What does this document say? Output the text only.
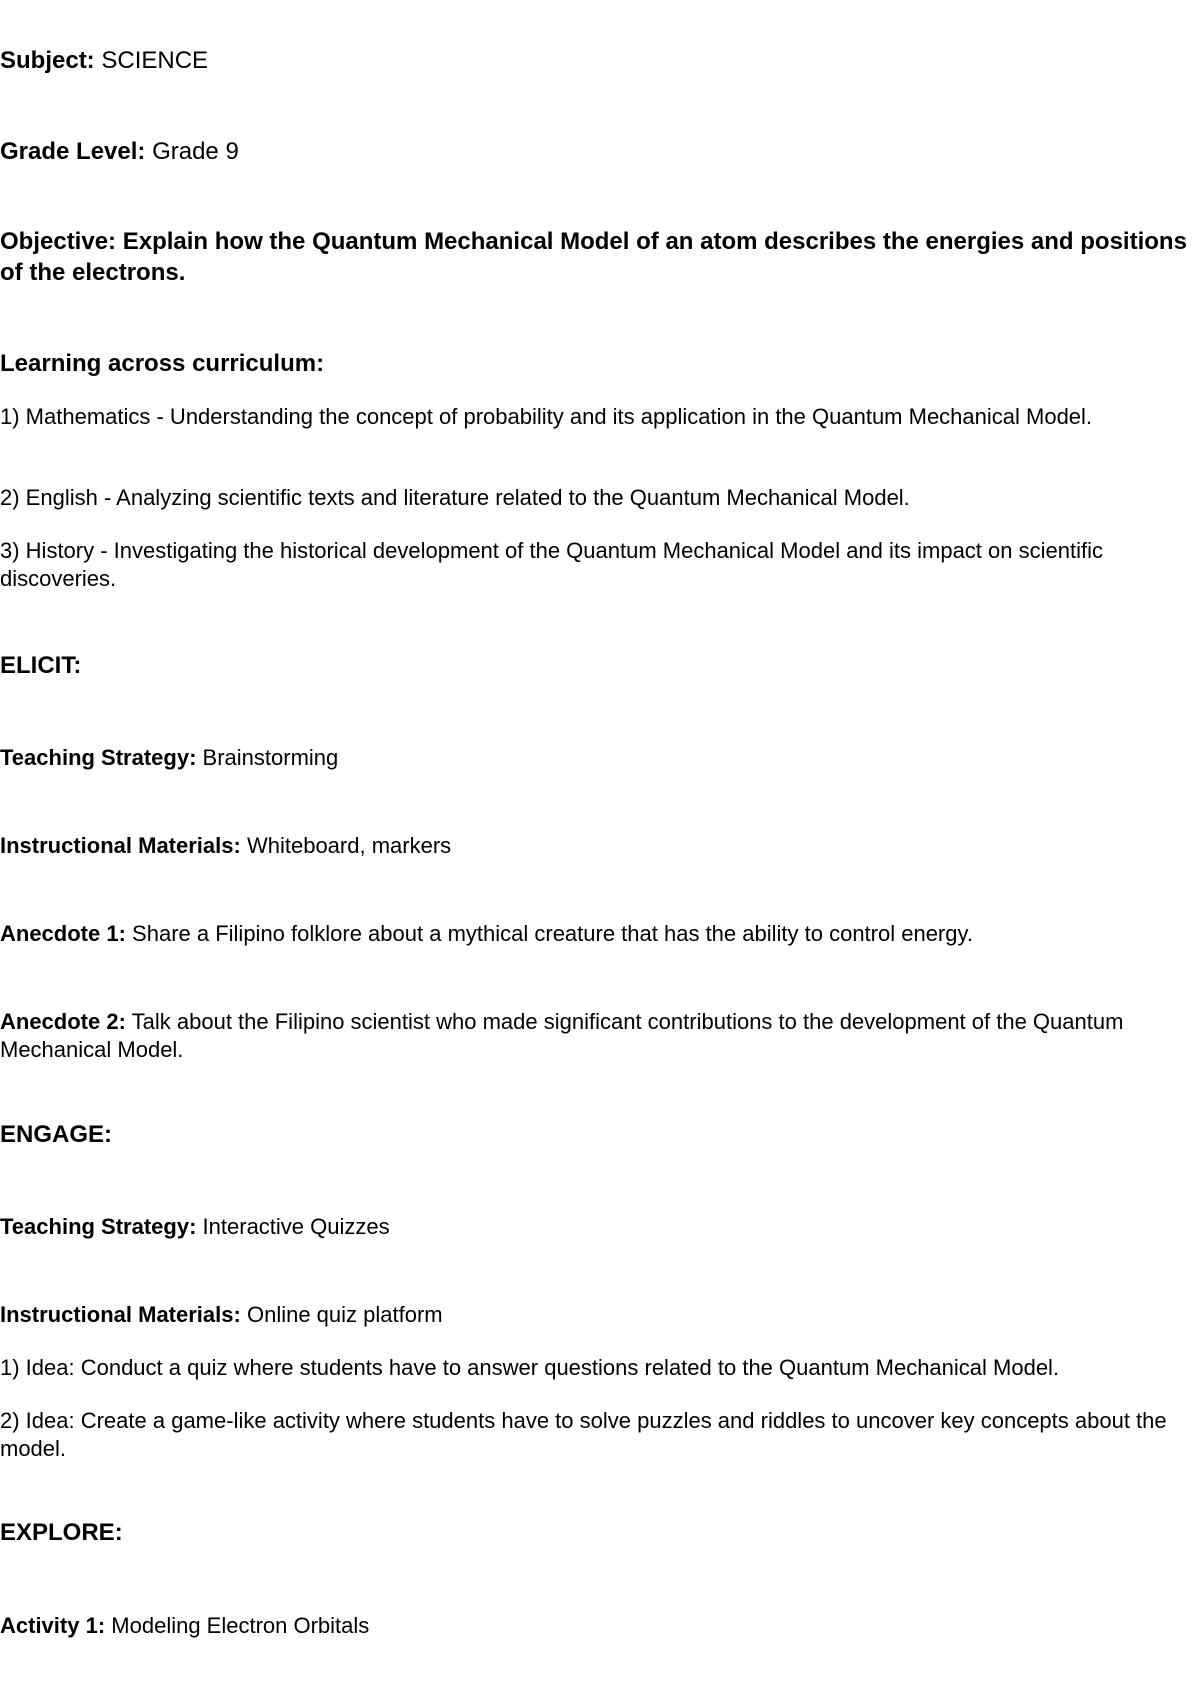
Subject: SCIENCE

Grade Level: Grade 9

Objective: Explain how the Quantum Mechanical Model of an atom describes the energies and positions of the electrons.

Learning across curriculum:

1) Mathematics - Understanding the concept of probability and its application in the Quantum Mechanical Model.

2) English - Analyzing scientific texts and literature related to the Quantum Mechanical Model.

3) History - Investigating the historical development of the Quantum Mechanical Model and its impact on scientific discoveries.

ELICIT:

Teaching Strategy: Brainstorming

Instructional Materials: Whiteboard, markers

Anecdote 1: Share a Filipino folklore about a mythical creature that has the ability to control energy.

Anecdote 2: Talk about the Filipino scientist who made significant contributions to the development of the Quantum Mechanical Model.

ENGAGE:

Teaching Strategy: Interactive Quizzes

Instructional Materials: Online quiz platform

1) Idea: Conduct a quiz where students have to answer questions related to the Quantum Mechanical Model.

2) Idea: Create a game-like activity where students have to solve puzzles and riddles to uncover key concepts about the model.

EXPLORE:

Activity 1: Modeling Electron Orbitals
